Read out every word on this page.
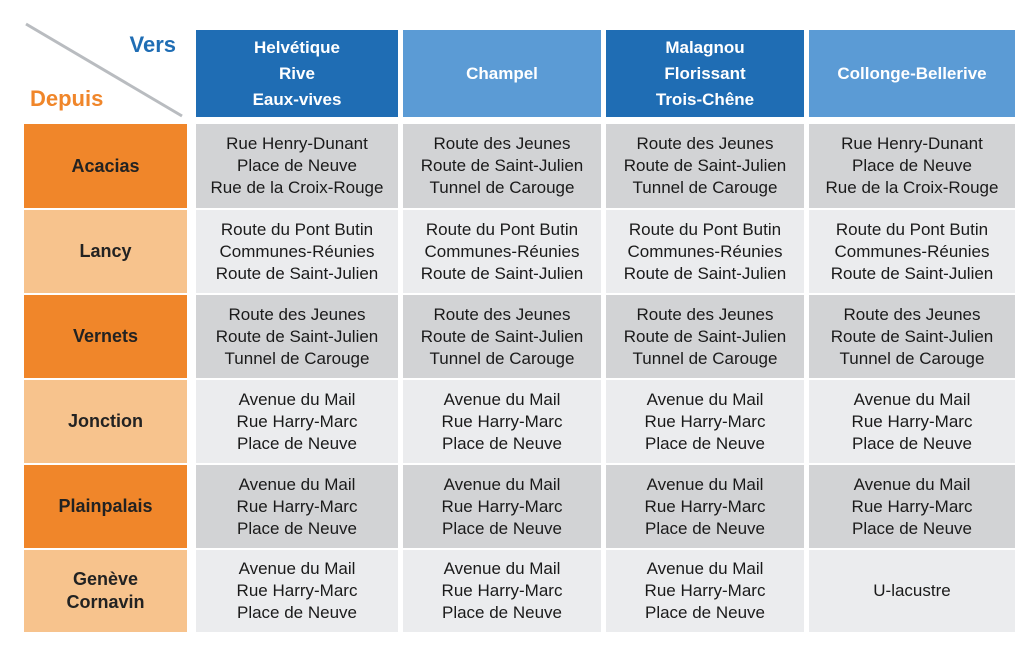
Vers
Depuis
Helvétique
Rive
Eaux-vives
Champel
Malagnou
Florissant
Trois-Chêne
Collonge-Bellerive
Acacias
Rue Henry-Dunant
Place de Neuve
Rue de la Croix-Rouge
Route des Jeunes
Route de Saint-Julien
Tunnel de Carouge
Route des Jeunes
Route de Saint-Julien
Tunnel de Carouge
Rue Henry-Dunant
Place de Neuve
Rue de la Croix-Rouge
Lancy
Route du Pont Butin
Communes-Réunies
Route de Saint-Julien
Route du Pont Butin
Communes-Réunies
Route de Saint-Julien
Route du Pont Butin
Communes-Réunies
Route de Saint-Julien
Route du Pont Butin
Communes-Réunies
Route de Saint-Julien
Vernets
Route des Jeunes
Route de Saint-Julien
Tunnel de Carouge
Route des Jeunes
Route de Saint-Julien
Tunnel de Carouge
Route des Jeunes
Route de Saint-Julien
Tunnel de Carouge
Route des Jeunes
Route de Saint-Julien
Tunnel de Carouge
Jonction
Avenue du Mail
Rue Harry-Marc
Place de Neuve
Avenue du Mail
Rue Harry-Marc
Place de Neuve
Avenue du Mail
Rue Harry-Marc
Place de Neuve
Avenue du Mail
Rue Harry-Marc
Place de Neuve
Plainpalais
Avenue du Mail
Rue Harry-Marc
Place de Neuve
Avenue du Mail
Rue Harry-Marc
Place de Neuve
Avenue du Mail
Rue Harry-Marc
Place de Neuve
Avenue du Mail
Rue Harry-Marc
Place de Neuve
Genève
Cornavin
Avenue du Mail
Rue Harry-Marc
Place de Neuve
Avenue du Mail
Rue Harry-Marc
Place de Neuve
Avenue du Mail
Rue Harry-Marc
Place de Neuve
U-lacustre
